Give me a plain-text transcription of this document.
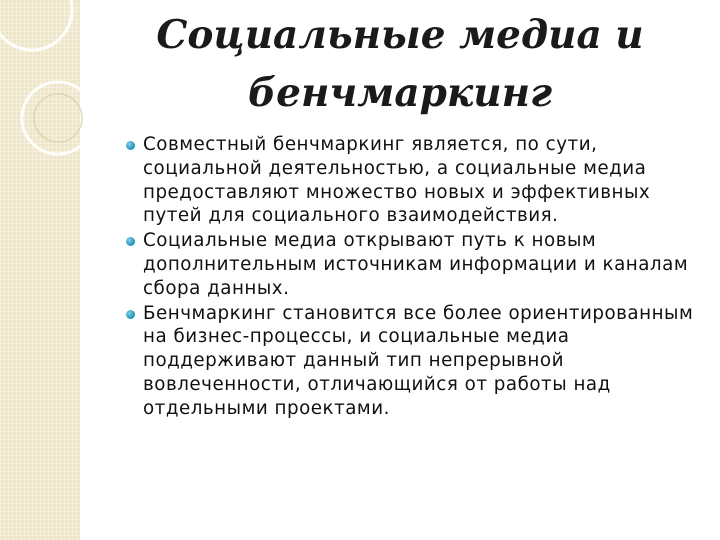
Социальные медиа и бенчмаркинг
Совместный бенчмаркинг является, по сути, социальной деятельностью, а социальные медиа предоставляют множество новых и эффективных путей для социального взаимодействия.
Социальные медиа открывают путь к новым дополнительным источникам информации и каналам сбора данных.
Бенчмаркинг становится все более ориентированным на бизнес-процессы, и социальные медиа поддерживают данный тип непрерывной вовлеченности, отличающийся от работы над отдельными проектами.
